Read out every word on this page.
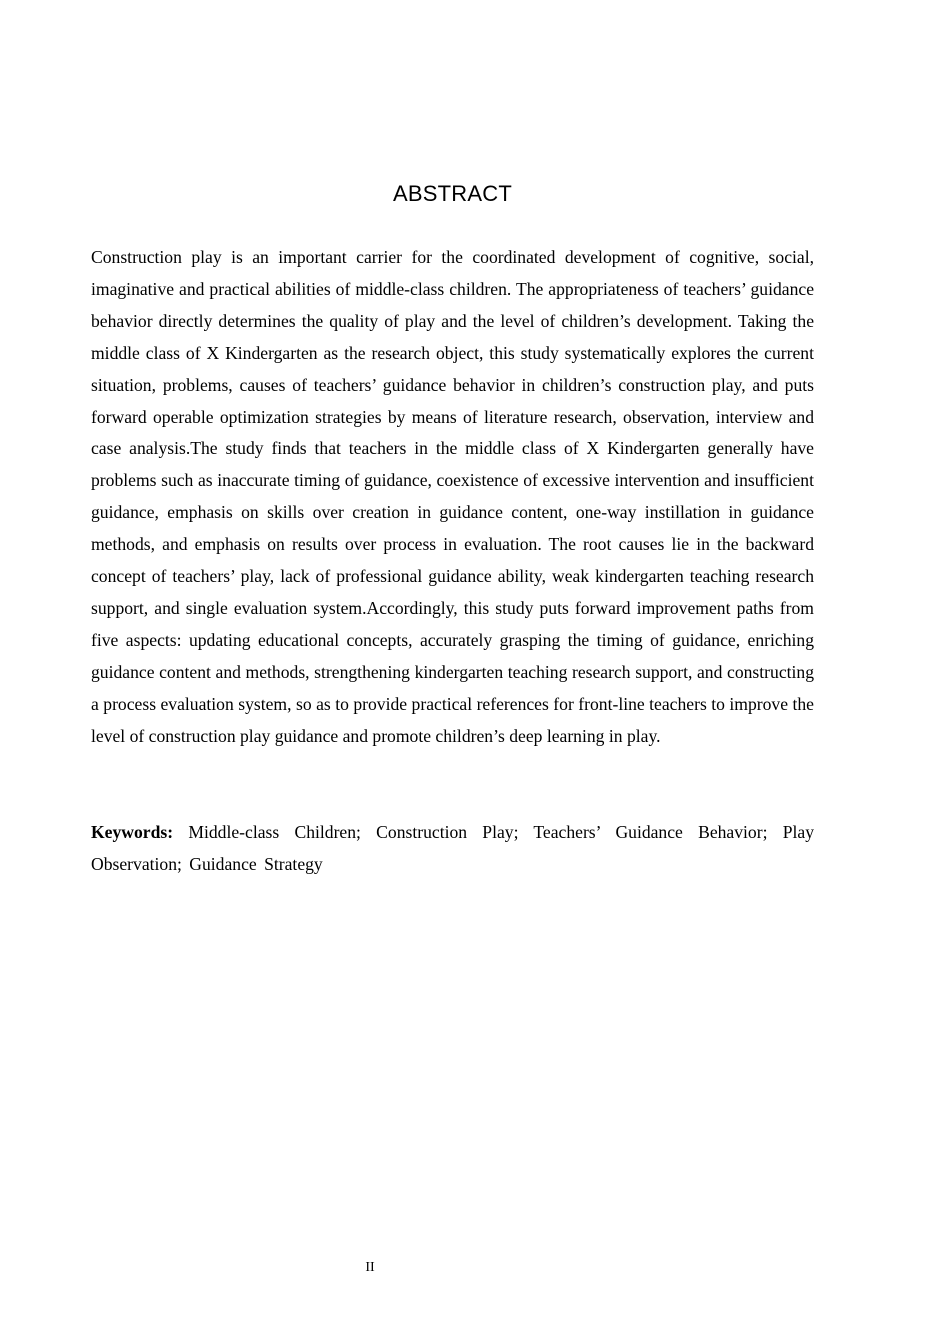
ABSTRACT

Construction play is an important carrier for the coordinated development of cognitive, social, imaginative and practical abilities of middle-class children. The appropriateness of teachers’ guidance behavior directly determines the quality of play and the level of children’s development. Taking the middle class of X Kindergarten as the research object, this study systematically explores the current situation, problems, causes of teachers’ guidance behavior in children’s construction play, and puts forward operable optimization strategies by means of literature research, observation, interview and case analysis.The study finds that teachers in the middle class of X Kindergarten generally have problems such as inaccurate timing of guidance, coexistence of excessive intervention and insufficient guidance, emphasis on skills over creation in guidance content, one-way instillation in guidance methods, and emphasis on results over process in evaluation. The root causes lie in the backward concept of teachers’ play, lack of professional guidance ability, weak kindergarten teaching research support, and single evaluation system.Accordingly, this study puts forward improvement paths from five aspects: updating educational concepts, accurately grasping the timing of guidance, enriching guidance content and methods, strengthening kindergarten teaching research support, and constructing a process evaluation system, so as to provide practical references for front-line teachers to improve the level of construction play guidance and promote children’s deep learning in play.

Keywords: Middle-class Children; Construction Play; Teachers’ Guidance Behavior; Play Observation; Guidance Strategy

II
